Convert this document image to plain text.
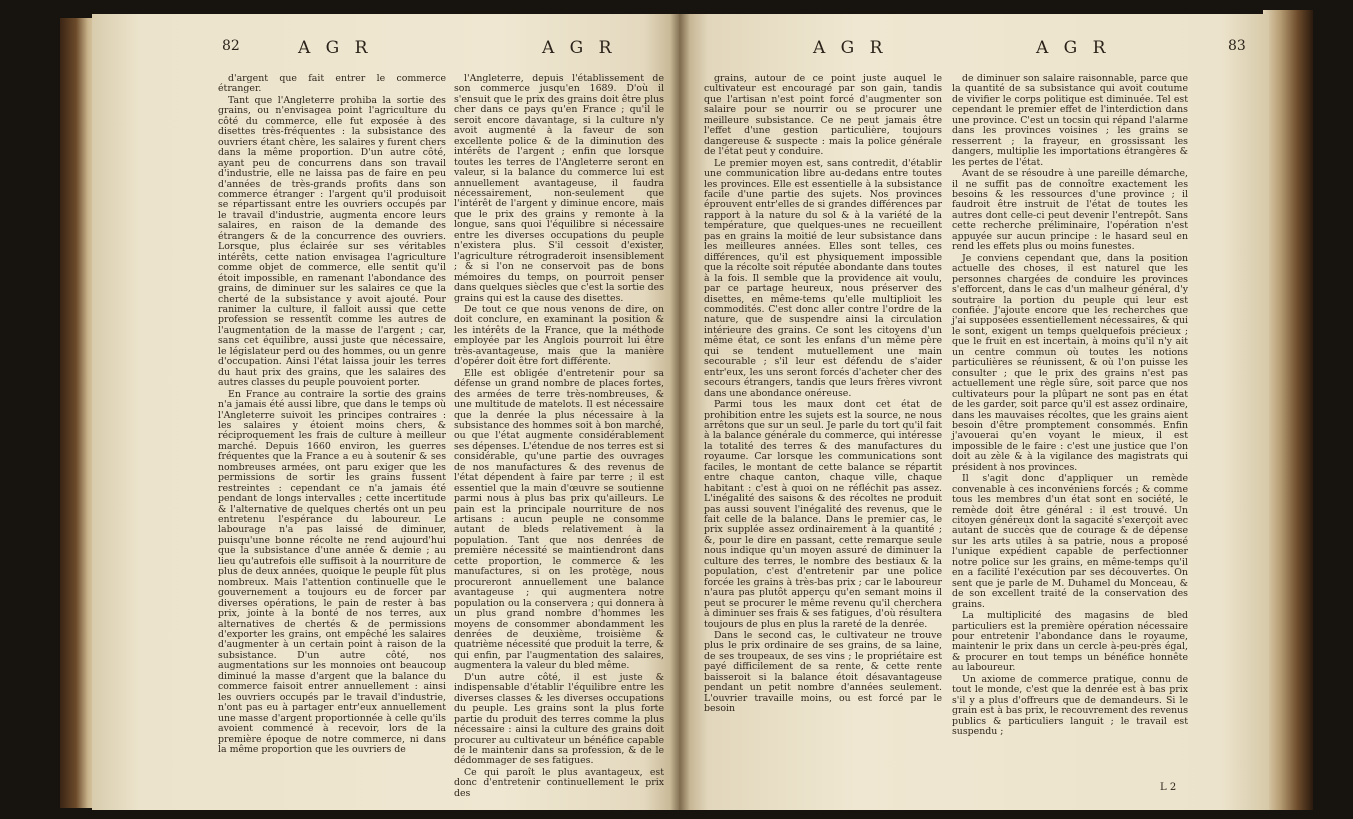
82	A G R	A G R	A G R	A G R	83

d'argent que fait entrer le commerce étranger.

Tant que l'Angleterre prohiba la sortie des grains, ou n'envisagea point l'agriculture du côté du commerce, elle fut exposée à des disettes très-fréquentes : la subsistance des ouvriers étant chère, les salaires y furent chers dans la même proportion. D'un autre côté, ayant peu de concurrens dans son travail d'industrie, elle ne laissa pas de faire en peu d'années de très-grands profits dans son commerce étranger : l'argent qu'il produisoit se répartissant entre les ouvriers occupés par le travail d'industrie, augmenta encore leurs salaires, en raison de la demande des étrangers & de la concurrence des ouvriers. Lorsque, plus éclairée sur ses véritables intérêts, cette nation envisagea l'agriculture comme objet de commerce, elle sentit qu'il étoit impossible, en ramenant l'abondance des grains, de diminuer sur les salaires ce que la cherté de la subsistance y avoit ajouté. Pour ranimer la culture, il falloit aussi que cette profession se ressentît comme les autres de l'augmentation de la masse de l'argent ; car, sans cet équilibre, aussi juste que nécessaire, le législateur perd ou des hommes, ou un genre d'occupation. Ainsi l'état laissa jouir les terres du haut prix des grains, que les salaires des autres classes du peuple pouvoient porter.

En France au contraire la sortie des grains n'a jamais été aussi libre, que dans le temps où l'Angleterre suivoit les principes contraires : les salaires y étoient moins chers, & réciproquement les frais de culture à meilleur marché. Depuis 1660 environ, les guerres fréquentes que la France a eu à soutenir & ses nombreuses armées, ont paru exiger que les permissions de sortir les grains fussent restreintes : cependant ce n'a jamais été pendant de longs intervalles ; cette incertitude & l'alternative de quelques chertés ont un peu entretenu l'espérance du laboureur. Le labourage n'a pas laissé de diminuer, puisqu'une bonne récolte ne rend aujourd'hui que la subsistance d'une année & demie ; au lieu qu'autrefois elle suffisoit à la nourriture de plus de deux années, quoique le peuple fût plus nombreux. Mais l'attention continuelle que le gouvernement a toujours eu de forcer par diverses opérations, le pain de rester à bas prix, jointe à la bonté de nos terres, aux alternatives de chertés & de permissions d'exporter les grains, ont empêché les salaires d'augmenter à un certain point à raison de la subsistance. D'un autre côté, nos augmentations sur les monnoies ont beaucoup diminué la masse d'argent que la balance du commerce faisoit entrer annuellement : ainsi les ouvriers occupés par le travail d'industrie, n'ont pas eu à partager entr'eux annuellement une masse d'argent proportionnée à celle qu'ils avoient commencé à recevoir, lors de la première époque de notre commerce, ni dans la même proportion que les ouvriers de

l'Angleterre, depuis l'établissement de son commerce jusqu'en 1689. D'où il s'ensuit que le prix des grains doit être plus cher dans ce pays qu'en France ; qu'il le seroit encore davantage, si la culture n'y avoit augmenté à la faveur de son excellente police & de la diminution des intérêts de l'argent ; enfin que lorsque toutes les terres de l'Angleterre seront en valeur, si la balance du commerce lui est annuellement avantageuse, il faudra nécessairement, non-seulement que l'intérêt de l'argent y diminue encore, mais que le prix des grains y remonte à la longue, sans quoi l'équilibre si nécessaire entre les diverses occupations du peuple n'existera plus. S'il cessoit d'exister, l'agriculture rétrograderoit insensiblement ; & si l'on ne conservoit pas de bons mémoires du temps, on pourroit penser dans quelques siècles que c'est la sortie des grains qui est la cause des disettes.

De tout ce que nous venons de dire, on doit conclure, en examinant la position & les intérêts de la France, que la méthode employée par les Anglois pourroit lui être très-avantageuse, mais que la manière d'opérer doit être fort différente.

Elle est obligée d'entretenir pour sa défense un grand nombre de places fortes, des armées de terre très-nombreuses, & une multitude de matelots. Il est nécessaire que la denrée la plus nécessaire à la subsistance des hommes soit à bon marché, ou que l'état augmente considérablement ses dépenses. L'étendue de nos terres est si considérable, qu'une partie des ouvrages de nos manufactures & des revenus de l'état dépendent à faire par terre ; il est essentiel que la main d'œuvre se soutienne parmi nous à plus bas prix qu'ailleurs. Le pain est la principale nourriture de nos artisans : aucun peuple ne consomme autant de bleds relativement à la population. Tant que nos denrées de première nécessité se maintiendront dans cette proportion, le commerce & les manufactures, si on les protège, nous procureront annuellement une balance avantageuse ; qui augmentera notre population ou la conservera ; qui donnera à un plus grand nombre d'hommes les moyens de consommer abondamment les denrées de deuxième, troisième & quatrième nécessité que produit la terre, & qui enfin, par l'augmentation des salaires, augmentera la valeur du bled même.

D'un autre côté, il est juste & indispensable d'établir l'équilibre entre les diverses classes & les diverses occupations du peuple. Les grains sont la plus forte partie du produit des terres comme la plus nécessaire : ainsi la culture des grains doit procurer au cultivateur un bénéfice capable de le maintenir dans sa profession, & de le dédommager de ses fatigues.

Ce qui paroît le plus avantageux, est donc d'entretenir continuellement le prix des

grains, autour de ce point juste auquel le cultivateur est encouragé par son gain, tandis que l'artisan n'est point forcé d'augmenter son salaire pour se nourrir ou se procurer une meilleure subsistance. Ce ne peut jamais être l'effet d'une gestion particulière, toujours dangereuse & suspecte : mais la police générale de l'état peut y conduire.

Le premier moyen est, sans contredit, d'établir une communication libre au-dedans entre toutes les provinces. Elle est essentielle à la subsistance facile d'une partie des sujets. Nos provinces éprouvent entr'elles de si grandes différences par rapport à la nature du sol & à la variété de la température, que quelques-unes ne recueillent pas en grains la moitié de leur subsistance dans les meilleures années. Elles sont telles, ces différences, qu'il est physiquement impossible que la récolte soit réputée abondante dans toutes à la fois. Il semble que la providence ait voulu, par ce partage heureux, nous préserver des disettes, en même-tems qu'elle multiplioit les commodités. C'est donc aller contre l'ordre de la nature, que de suspendre ainsi la circulation intérieure des grains. Ce sont les citoyens d'un même état, ce sont les enfans d'un même père qui se tendent mutuellement une main secourable ; s'il leur est défendu de s'aider entr'eux, les uns seront forcés d'acheter cher des secours étrangers, tandis que leurs frères vivront dans une abondance onéreuse.

Parmi tous les maux dont cet état de prohibition entre les sujets est la source, ne nous arrêtons que sur un seul. Je parle du tort qu'il fait à la balance générale du commerce, qui intéresse la totalité des terres & des manufactures du royaume. Car lorsque les communications sont faciles, le montant de cette balance se répartit entre chaque canton, chaque ville, chaque habitant : c'est à quoi on ne réfléchit pas assez. L'inégalité des saisons & des récoltes ne produit pas aussi souvent l'inégalité des revenus, que le fait celle de la balance. Dans le premier cas, le prix supplée assez ordinairement à la quantité ; &, pour le dire en passant, cette remarque seule nous indique qu'un moyen assuré de diminuer la culture des terres, le nombre des bestiaux & la population, c'est d'entretenir par une police forcée les grains à très-bas prix ; car le laboureur n'aura pas plutôt apperçu qu'en semant moins il peut se procurer le même revenu qu'il cherchera à diminuer ses frais & ses fatigues, d'où résultera toujours de plus en plus la rareté de la denrée.

Dans le second cas, le cultivateur ne trouve plus le prix ordinaire de ses grains, de sa laine, de ses troupeaux, de ses vins ; le propriétaire est payé difficilement de sa rente, & cette rente baisseroit si la balance étoit désavantageuse pendant un petit nombre d'années seulement. L'ouvrier travaille moins, ou est forcé par le besoin

de diminuer son salaire raisonnable, parce que la quantité de sa subsistance qui avoit coutume de vivifier le corps politique est diminuée. Tel est cependant le premier effet de l'interdiction dans une province. C'est un tocsin qui répand l'alarme dans les provinces voisines ; les grains se resserrent ; la frayeur, en grossissant les dangers, multiplie les importations étrangères & les pertes de l'état.

Avant de se résoudre à une pareille démarche, il ne suffit pas de connoître exactement les besoins & les ressources d'une province ; il faudroit être instruit de l'état de toutes les autres dont celle-ci peut devenir l'entrepôt. Sans cette recherche préliminaire, l'opération n'est appuyée sur aucun principe : le hasard seul en rend les effets plus ou moins funestes.

Je conviens cependant que, dans la position actuelle des choses, il est naturel que les personnes chargées de conduire les provinces s'efforcent, dans le cas d'un malheur général, d'y soutraire la portion du peuple qui leur est confiée. J'ajoute encore que les recherches que j'ai supposées essentiellement nécessaires, & qui le sont, exigent un temps quelquefois précieux ; que le fruit en est incertain, à moins qu'il n'y ait un centre commun où toutes les notions particulières se réunissent, & où l'on puisse les consulter ; que le prix des grains n'est pas actuellement une règle sûre, soit parce que nos cultivateurs pour la plûpart ne sont pas en état de les garder, soit parce qu'il est assez ordinaire, dans les mauvaises récoltes, que les grains aient besoin d'être promptement consommés. Enfin j'avouerai qu'en voyant le mieux, il est impossible de le faire : c'est une justice que l'on doit au zèle & à la vigilance des magistrats qui président à nos provinces.

Il s'agit donc d'appliquer un remède convenable à ces inconvéniens forcés ; & comme tous les membres d'un état sont en société, le remède doit être général : il est trouvé. Un citoyen généreux dont la sagacité s'exerçoit avec autant de succès que de courage & de dépense sur les arts utiles à sa patrie, nous a proposé l'unique expédient capable de perfectionner notre police sur les grains, en même-temps qu'il en a facilité l'exécution par ses découvertes. On sent que je parle de M. Duhamel du Monceau, & de son excellent traité de la conservation des grains.

La multiplicité des magasins de bled particuliers est la première opération nécessaire pour entretenir l'abondance dans le royaume, maintenir le prix dans un cercle à-peu-près égal, & procurer en tout temps un bénéfice honnête au laboureur.

Un axiome de commerce pratique, connu de tout le monde, c'est que la denrée est à bas prix s'il y a plus d'offreurs que de demandeurs. Si le grain est à bas prix, le recouvrement des revenus publics & particuliers languit ; le travail est suspendu ;

L 2
